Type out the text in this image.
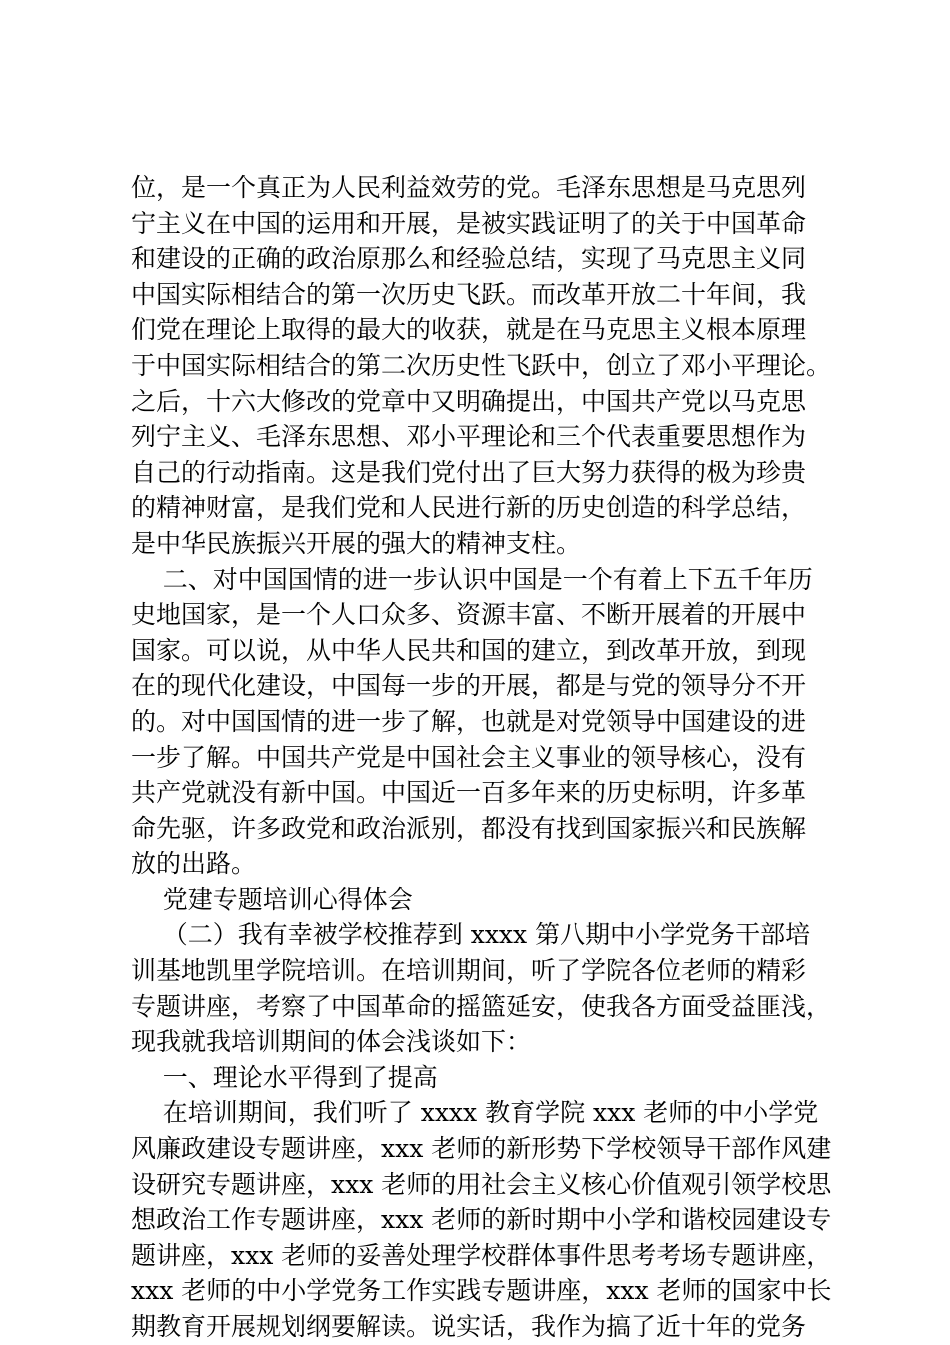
位，是一个真正为人民利益效劳的党。毛泽东思想是马克思列
宁主义在中国的运用和开展，是被实践证明了的关于中国革命
和建设的正确的政治原那么和经验总结，实现了马克思主义同
中国实际相结合的第一次历史飞跃。而改革开放二十年间，我
们党在理论上取得的最大的收获，就是在马克思主义根本原理
于中国实际相结合的第二次历史性飞跃中，创立了邓小平理论。
之后，十六大修改的党章中又明确提出，中国共产党以马克思
列宁主义、毛泽东思想、邓小平理论和三个代表重要思想作为
自己的行动指南。这是我们党付出了巨大努力获得的极为珍贵
的精神财富，是我们党和人民进行新的历史创造的科学总结，
是中华民族振兴开展的强大的精神支柱。
二、对中国国情的进一步认识中国是一个有着上下五千年历
史地国家，是一个人口众多、资源丰富、不断开展着的开展中
国家。可以说，从中华人民共和国的建立，到改革开放，到现
在的现代化建设，中国每一步的开展，都是与党的领导分不开
的。对中国国情的进一步了解，也就是对党领导中国建设的进
一步了解。中国共产党是中国社会主义事业的领导核心，没有
共产党就没有新中国。中国近一百多年来的历史标明，许多革
命先驱，许多政党和政治派别，都没有找到国家振兴和民族解
放的出路。
党建专题培训心得体会
（二）我有幸被学校推荐到 xxxx 第八期中小学党务干部培
训基地凯里学院培训。在培训期间，听了学院各位老师的精彩
专题讲座，考察了中国革命的摇篮延安，使我各方面受益匪浅，
现我就我培训期间的体会浅谈如下：
一、理论水平得到了提高
在培训期间，我们听了 xxxx 教育学院 xxx 老师的中小学党
风廉政建设专题讲座，xxx 老师的新形势下学校领导干部作风建
设研究专题讲座，xxx 老师的用社会主义核心价值观引领学校思
想政治工作专题讲座，xxx 老师的新时期中小学和谐校园建设专
题讲座，xxx 老师的妥善处理学校群体事件思考考场专题讲座，
xxx 老师的中小学党务工作实践专题讲座，xxx 老师的国家中长
期教育开展规划纲要解读。说实话，我作为搞了近十年的党务
